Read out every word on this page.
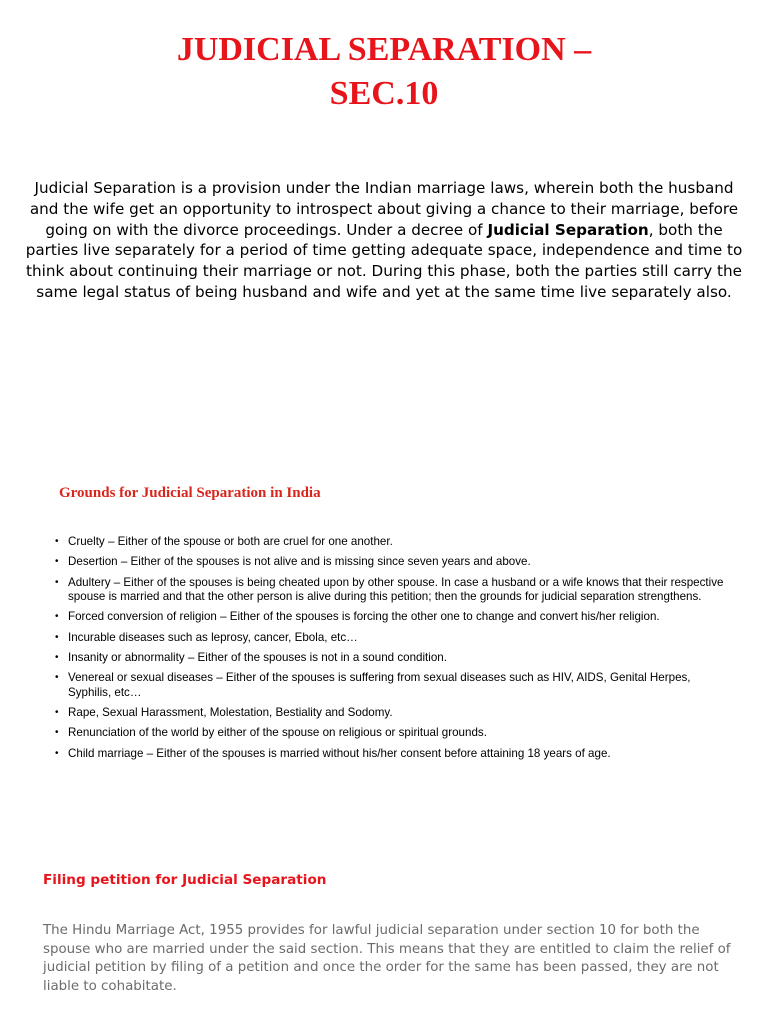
JUDICIAL SEPARATION –
SEC.10

Judicial Separation is a provision under the Indian marriage laws, wherein both the husband and the wife get an opportunity to introspect about giving a chance to their marriage, before going on with the divorce proceedings. Under a decree of Judicial Separation, both the parties live separately for a period of time getting adequate space, independence and time to think about continuing their marriage or not. During this phase, both the parties still carry the same legal status of being husband and wife and yet at the same time live separately also.

Grounds for Judicial Separation in India
• Cruelty – Either of the spouse or both are cruel for one another.
• Desertion – Either of the spouses is not alive and is missing since seven years and above.
• Adultery – Either of the spouses is being cheated upon by other spouse. In case a husband or a wife knows that their respective spouse is married and that the other person is alive during this petition; then the grounds for judicial separation strengthens.
• Forced conversion of religion – Either of the spouses is forcing the other one to change and convert his/her religion.
• Incurable diseases such as leprosy, cancer, Ebola, etc…
• Insanity or abnormality – Either of the spouses is not in a sound condition.
• Venereal or sexual diseases – Either of the spouses is suffering from sexual diseases such as HIV, AIDS, Genital Herpes, Syphilis, etc…
• Rape, Sexual Harassment, Molestation, Bestiality and Sodomy.
• Renunciation of the world by either of the spouse on religious or spiritual grounds.
• Child marriage – Either of the spouses is married without his/her consent before attaining 18 years of age.
Filing petition for Judicial Separation

The Hindu Marriage Act, 1955 provides for lawful judicial separation under section 10 for both the spouse who are married under the said section. This means that they are entitled to claim the relief of judicial petition by filing of a petition and once the order for the same has been passed, they are not liable to cohabitate.
